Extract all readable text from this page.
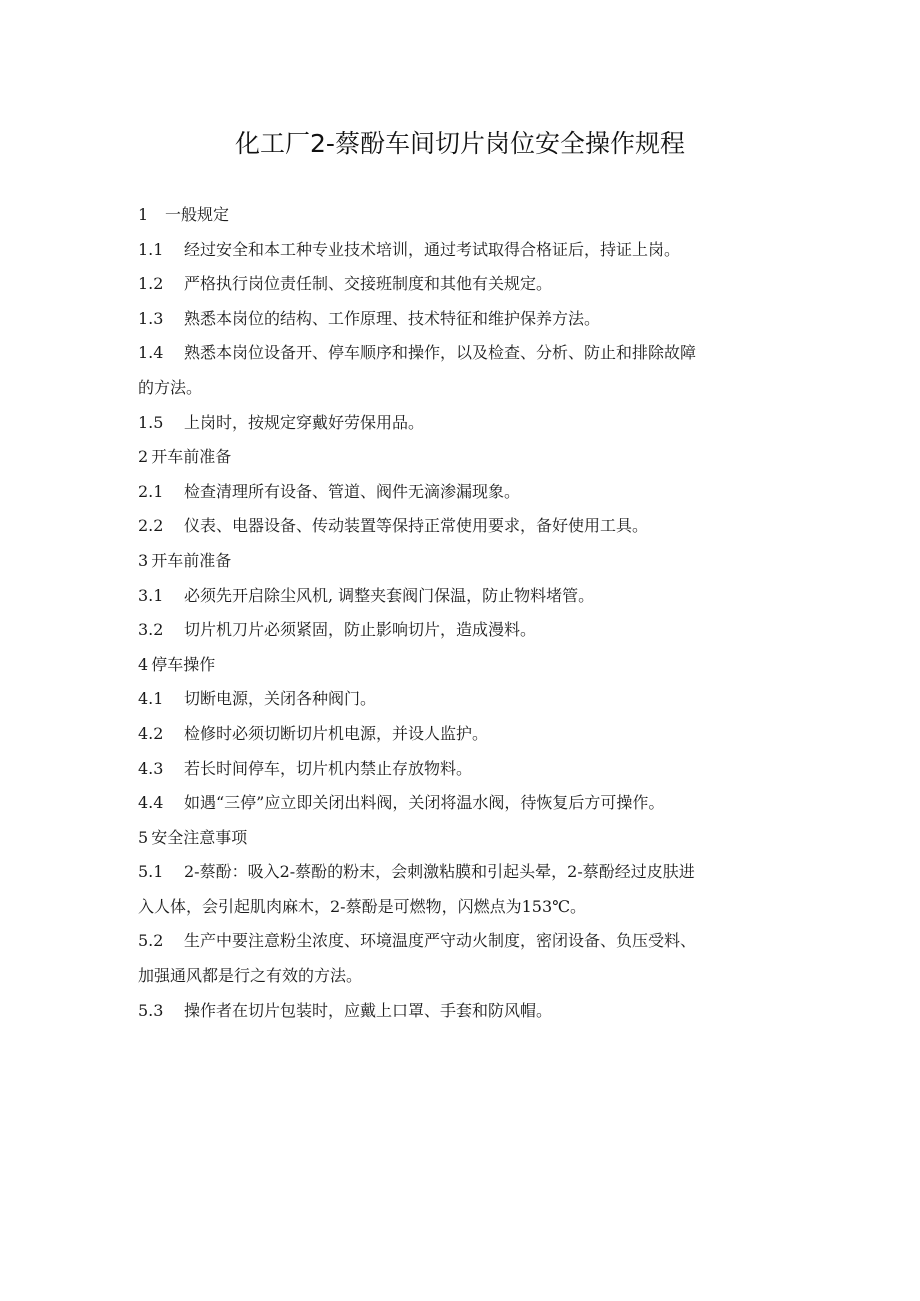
化工厂2-蔡酚车间切片岗位安全操作规程
1 一般规定
1.1 经过安全和本工种专业技术培训，通过考试取得合格证后，持证上岗。
1.2 严格执行岗位责任制、交接班制度和其他有关规定。
1.3 熟悉本岗位的结构、工作原理、技术特征和维护保养方法。
1.4 熟悉本岗位设备开、停车顺序和操作，以及检查、分析、防止和排除故障
的方法。
1.5 上岗时，按规定穿戴好劳保用品。
2 开车前准备
2.1 检查清理所有设备、管道、阀件无滴渗漏现象。
2.2 仪表、电器设备、传动装置等保持正常使用要求，备好使用工具。
3 开车前准备
3.1 必须先开启除尘风机, 调整夹套阀门保温，防止物料堵管。
3.2 切片机刀片必须紧固，防止影响切片，造成漫料。
4 停车操作
4.1 切断电源，关闭各种阀门。
4.2 检修时必须切断切片机电源，并设人监护。
4.3 若长时间停车，切片机内禁止存放物料。
4.4 如遇“三停”应立即关闭出料阀，关闭将温水阀，待恢复后方可操作。
5 安全注意事项
5.1 2-蔡酚：吸入2-蔡酚的粉末，会刺激粘膜和引起头晕，2-蔡酚经过皮肤进
入人体，会引起肌肉麻木，2-蔡酚是可燃物，闪燃点为153℃。
5.2 生产中要注意粉尘浓度、环境温度严守动火制度，密闭设备、负压受料、
加强通风都是行之有效的方法。
5.3 操作者在切片包装时，应戴上口罩、手套和防风帽。
